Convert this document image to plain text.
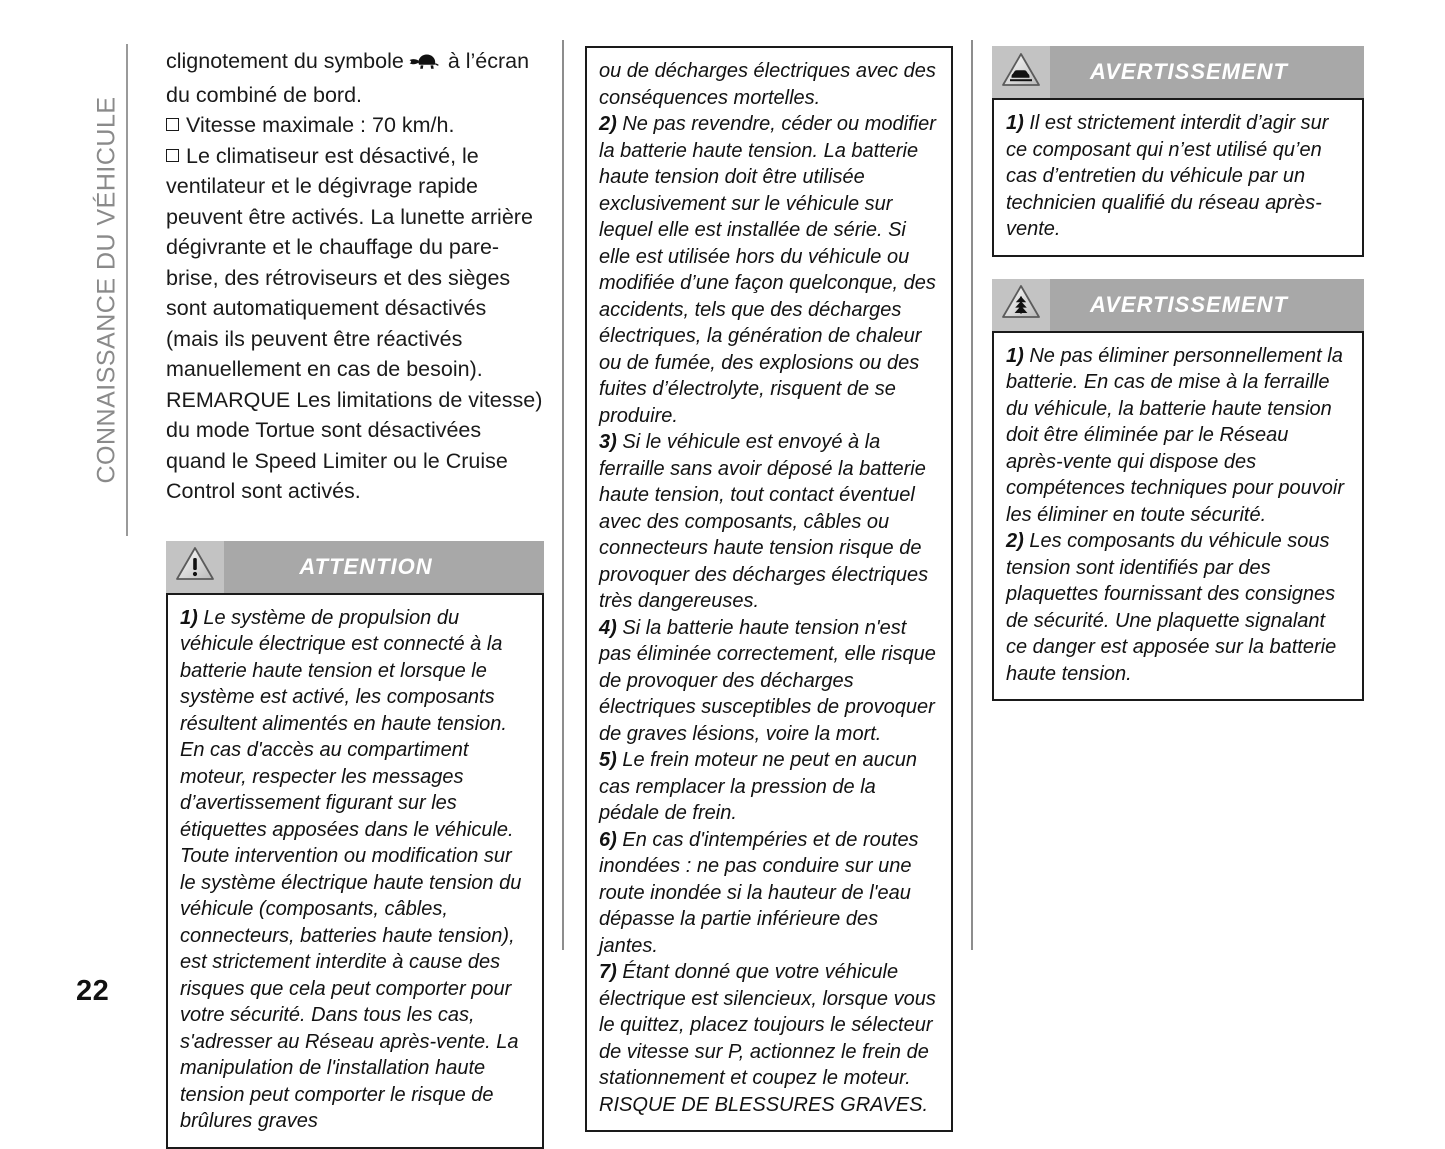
CONNAISSANCE DU VÉHICULE
22

clignotement du symbole à l’écran du combiné de bord.

Vitesse maximale : 70 km/h.

Le climatiseur est désactivé, le ventilateur et le dégivrage rapide peuvent être activés. La lunette arrière dégivrante et le chauffage du pare-brise, des rétroviseurs et des sièges sont automatiquement désactivés (mais ils peuvent être réactivés manuellement en cas de besoin).

REMARQUE Les limitations de vitesse) du mode Tortue sont désactivées quand le Speed Limiter ou le Cruise Control sont activés.

ATTENTION

1) Le système de propulsion du véhicule électrique est connecté à la batterie haute tension et lorsque le système est activé, les composants résultent alimentés en haute tension. En cas d'accès au compartiment moteur, respecter les messages d’avertissement figurant sur les étiquettes apposées dans le véhicule. Toute intervention ou modification sur le système électrique haute tension du véhicule (composants, câbles, connecteurs, batteries haute tension), est strictement interdite à cause des risques que cela peut comporter pour votre sécurité. Dans tous les cas, s'adresser au Réseau après-vente. La manipulation de l'installation haute tension peut comporter le risque de brûlures graves

ou de décharges électriques avec des conséquences mortelles.

2) Ne pas revendre, céder ou modifier la batterie haute tension. La batterie haute tension doit être utilisée exclusivement sur le véhicule sur lequel elle est installée de série. Si elle est utilisée hors du véhicule ou modifiée d’une façon quelconque, des accidents, tels que des décharges électriques, la génération de chaleur ou de fumée, des explosions ou des fuites d’électrolyte, risquent de se produire.

3) Si le véhicule est envoyé à la ferraille sans avoir déposé la batterie haute tension, tout contact éventuel avec des composants, câbles ou connecteurs haute tension risque de provoquer des décharges électriques très dangereuses.

4) Si la batterie haute tension n'est pas éliminée correctement, elle risque de provoquer des décharges électriques susceptibles de provoquer de graves lésions, voire la mort.

5) Le frein moteur ne peut en aucun cas remplacer la pression de la pédale de frein.

6) En cas d'intempéries et de routes inondées : ne pas conduire sur une route inondée si la hauteur de l'eau dépasse la partie inférieure des jantes.

7) Étant donné que votre véhicule électrique est silencieux, lorsque vous le quittez, placez toujours le sélecteur de vitesse sur P, actionnez le frein de stationnement et coupez le moteur.

RISQUE DE BLESSURES GRAVES.

AVERTISSEMENT

1) Il est strictement interdit d’agir sur ce composant qui n’est utilisé qu’en cas d’entretien du véhicule par un technicien qualifié du réseau après-vente.

AVERTISSEMENT

1) Ne pas éliminer personnellement la batterie. En cas de mise à la ferraille du véhicule, la batterie haute tension doit être éliminée par le Réseau après-vente qui dispose des compétences techniques pour pouvoir les éliminer en toute sécurité.

2) Les composants du véhicule sous tension sont identifiés par des plaquettes fournissant des consignes de sécurité. Une plaquette signalant ce danger est apposée sur la batterie haute tension.
